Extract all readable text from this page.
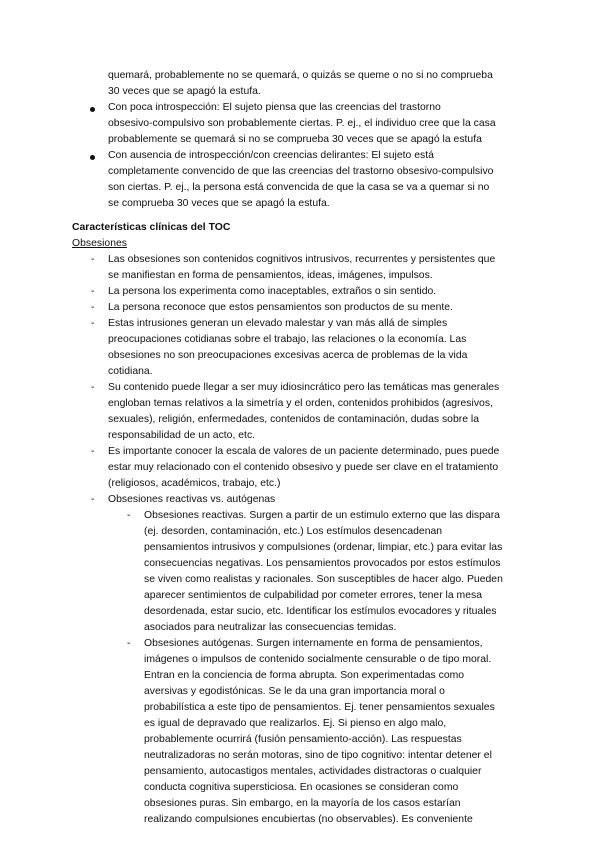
quemará, probablemente no se quemará, o quizás se queme o no si no comprueba
30 veces que se apagó la estufa.
Con poca introspección: El sujeto piensa que las creencias del trastorno
obsesivo-compulsivo son probablemente ciertas. P. ej., el individuo cree que la casa
probablemente se quemará si no se comprueba 30 veces que se apagó la estufa
Con ausencia de introspección/con creencias delirantes: El sujeto está
completamente convencido de que las creencias del trastorno obsesivo-compulsivo
son ciertas. P. ej., la persona está convencida de que la casa se va a quemar si no
se comprueba 30 veces que se apagó la estufa.
Características clínicas del TOC
Obsesiones
- Las obsesiones son contenidos cognitivos intrusivos, recurrentes y persistentes que
se manifiestan en forma de pensamientos, ideas, imágenes, impulsos.
- La persona los experimenta como inaceptables, extraños o sin sentido.
- La persona reconoce que estos pensamientos son productos de su mente.
- Estas intrusiones generan un elevado malestar y van más allá de simples
preocupaciones cotidianas sobre el trabajo, las relaciones o la economía. Las
obsesiones no son preocupaciones excesivas acerca de problemas de la vida
cotidiana.
- Su contenido puede llegar a ser muy idiosincrático pero las temáticas mas generales
engloban temas relativos a la simetría y el orden, contenidos prohibidos (agresivos,
sexuales), religión, enfermedades, contenidos de contaminación, dudas sobre la
responsabilidad de un acto, etc.
- Es importante conocer la escala de valores de un paciente determinado, pues puede
estar muy relacionado con el contenido obsesivo y puede ser clave en el tratamiento
(religiosos, académicos, trabajo, etc.)
- Obsesiones reactivas vs. autógenas
- Obsesiones reactivas. Surgen a partir de un estimulo externo que las dispara
(ej. desorden, contaminación, etc.) Los estímulos desencadenan
pensamientos intrusivos y compulsiones (ordenar, limpiar, etc.) para evitar las
consecuencias negativas. Los pensamientos provocados por estos estímulos
se viven como realistas y racionales. Son susceptibles de hacer algo. Pueden
aparecer sentimientos de culpabilidad por cometer errores, tener la mesa
desordenada, estar sucio, etc. Identificar los estímulos evocadores y rituales
asociados para neutralizar las consecuencias temidas.
- Obsesiones autógenas. Surgen internamente en forma de pensamientos,
imágenes o impulsos de contenido socialmente censurable o de tipo moral.
Entran en la conciencia de forma abrupta. Son experimentadas como
aversivas y egodistónicas. Se le da una gran importancia moral o
probabilística a este tipo de pensamientos. Ej. tener pensamientos sexuales
es igual de depravado que realizarlos. Ej. Si pienso en algo malo,
probablemente ocurrirá (fusión pensamiento-acción). Las respuestas
neutralizadoras no serán motoras, sino de tipo cognitivo: intentar detener el
pensamiento, autocastigos mentales, actividades distractoras o cualquier
conducta cognitiva supersticiosa. En ocasiones se consideran como
obsesiones puras. Sin embargo, en la mayoría de los casos estarían
realizando compulsiones encubiertas (no observables). Es conveniente
